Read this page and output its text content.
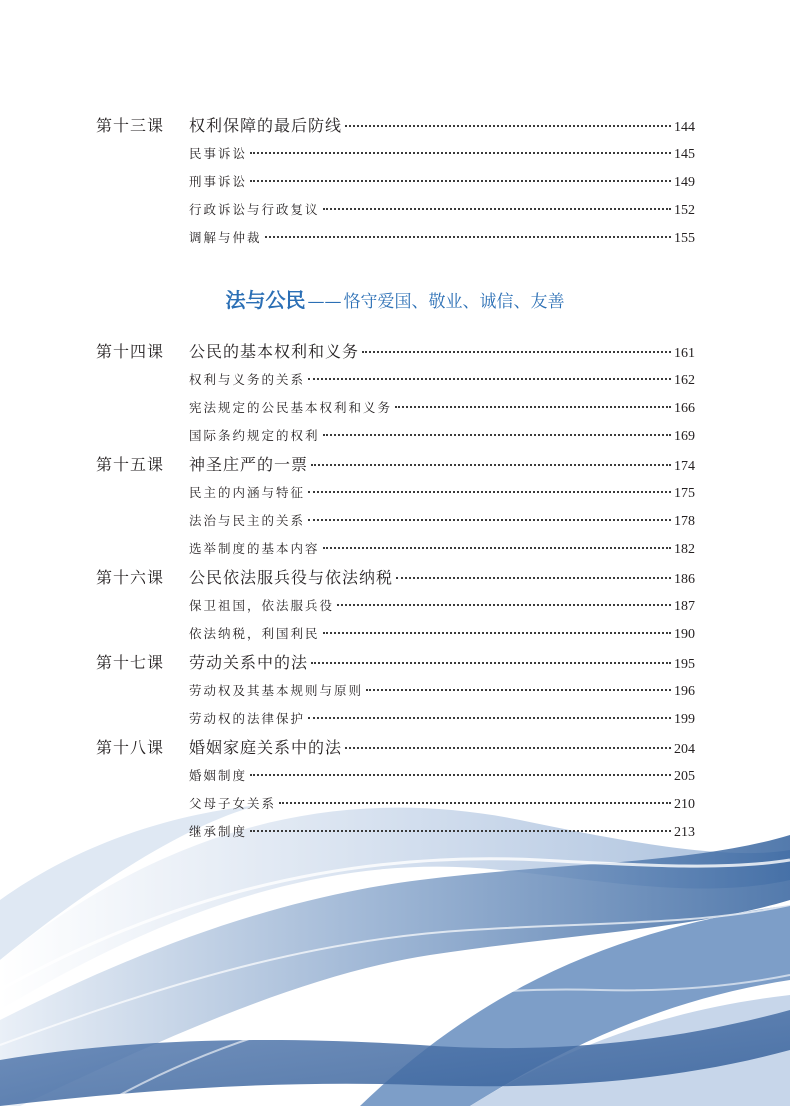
第十三课 权利保障的最后防线	144
民事诉讼	145
刑事诉讼	149
行政诉讼与行政复议	152
调解与仲裁	155
法与公民 —— 恪守爱国、敬业、诚信、友善
第十四课 公民的基本权利和义务	161
权利与义务的关系	162
宪法规定的公民基本权利和义务	166
国际条约规定的权利	169
第十五课 神圣庄严的一票	174
民主的内涵与特征	175
法治与民主的关系	178
选举制度的基本内容	182
第十六课 公民依法服兵役与依法纳税	186
保卫祖国，依法服兵役	187
依法纳税，利国利民	190
第十七课 劳动关系中的法	195
劳动权及其基本规则与原则	196
劳动权的法律保护	199
第十八课 婚姻家庭关系中的法	204
婚姻制度	205
父母子女关系	210
继承制度	213
